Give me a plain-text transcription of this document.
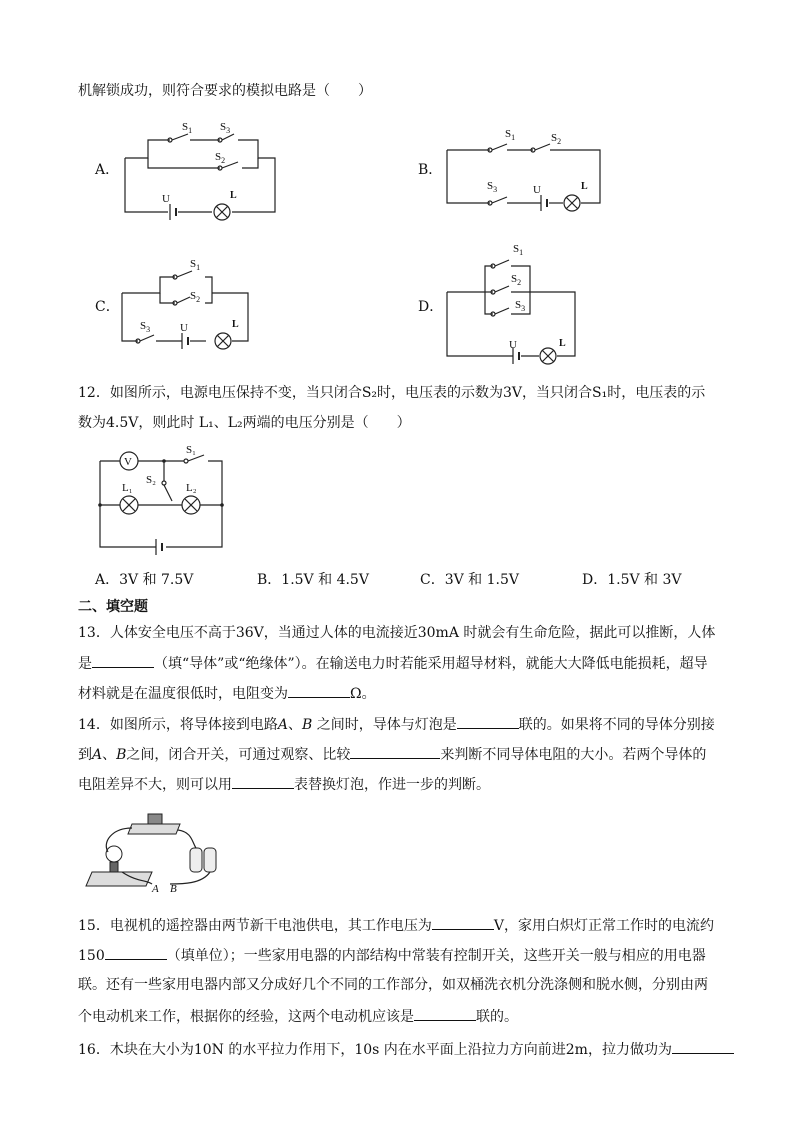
机解锁成功，则符合要求的模拟电路是（　　）
A．
$S_1$	$S_3$
$S_2$
U	L
B．
$S_1$	$S_2$
$S_3$	U	L
C．
$S_1$
$S_2$
$S_3$	U	L
D．
$S_1$
$S_2$
$S_3$
U	L
12．如图所示，电源电压保持不变，当只闭合S₂时，电压表的示数为3V，当只闭合S₁时，电压表的示
数为4.5V，则此时 L₁、L₂两端的电压分别是（　　）
V
S₁
S₂
L₁	L₂
A．3V 和 7.5V	B．1.5V 和 4.5V	C．3V 和 1.5V	D．1.5V 和 3V
二、填空题
13．人体安全电压不高于36V，当通过人体的电流接近30mA 时就会有生命危险，据此可以推断，人体
是	（填“导体”或“绝缘体”）。在输送电力时若能采用超导材料，就能大大降低电能损耗，超导
材料就是在温度很低时，电阻变为	Ω。
14．如图所示，将导体接到电路A、B 之间时，导体与灯泡是	联的。如果将不同的导体分别接
到A、B之间，闭合开关，可通过观察、比较	来判断不同导体电阻的大小。若两个导体的
电阻差异不大，则可以用	表替换灯泡，作进一步的判断。
A B
15．电视机的遥控器由两节新干电池供电，其工作电压为	V，家用白炽灯正常工作时的电流约
150	（填单位）；一些家用电器的内部结构中常装有控制开关，这些开关一般与相应的用电器
联。还有一些家用电器内部又分成好几个不同的工作部分，如双桶洗衣机分洗涤侧和脱水侧，分别由两
个电动机来工作，根据你的经验，这两个电动机应该是	联的。
16．木块在大小为10N 的水平拉力作用下，10s 内在水平面上沿拉力方向前进2m，拉力做功为
